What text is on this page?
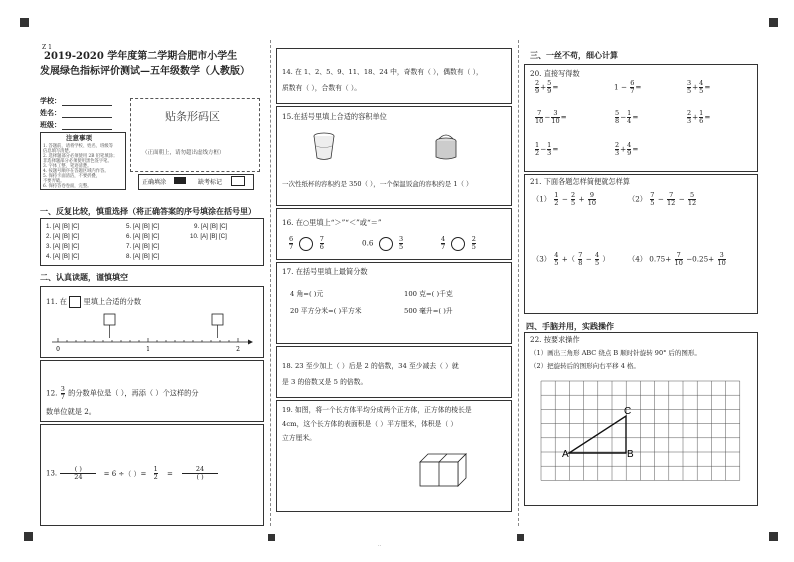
Z 1
2019-2020 学年度第二学期合肥市小学生
发展绿色指标评价测试—五年级数学（人教版）
学校：
姓名：
班级：
贴条形码区
（正面朝上，请勿超出虚线方框）
注意事项
1. 答题前，请将学校、姓名、班级等
信息填写清楚。
2. 选择题部分必须使用 2B 铅笔填涂；
非选择题部分必须使用黑色签字笔。
3. 字体工整，笔迹清楚。
4. 按题号顺序在答题区域内作答。
5. 保持卡面清洁，不要折叠，
不要弄破。
6. 保持答卷卷面，完整。
正确填涂	缺考标记
一、反复比较，慎重选择（将正确答案的序号填涂在括号里）
1. [A] [B] [C]	5. [A] [B] [C]	9. [A] [B] [C]
2. [A] [B] [C]	6. [A] [B] [C]	10. [A] [B] [C]
3. [A] [B] [C]	7. [A] [B] [C]
4. [A] [B] [C]	8. [A] [B] [C]
二、认真读题，谨慎填空
11. 在 里填上合适的分数
0	1	2
12. $\frac{3}{7}$ 的分数单位是（ ），再添（ ）个这样的分
数单位就是 2。
13. $\frac{( )}{24} = 6$ ÷（ ）= $\frac{1}{2} = \frac{24}{( )}$
14. 在 1、2、5、9、11、18、24 中，奇数有（ ），偶数有（ ），
质数有（ ），合数有（ ）。
15.在括号里填上合适的容积单位
一次性纸杯的容积约是 350（ ），一个保温饭盒的容积约是 1（ ）
16. 在○里填上“＞”“＜”或“＝”
$\frac{6}{7}$
	$\frac{7}{6}$	0.6	$\frac{3}{5}$	$\frac{4}{7}$
	$\frac{2}{5}$
17. 在括号里填上最简分数
4 角=( )元	100 克=( )千克
20 平方分米=( )平方米	500 毫升=( )升
18. 23 至少加上（ ）后是 2 的倍数，34 至少减去（ ）就
是 3 的倍数又是 5 的倍数。
19. 如图，将一个长方体平均分成两个正方体，正方体的棱长是
4cm，这个长方体的表面积是（ ）平方厘米，体积是（ ）
立方厘米。
三、一丝不苟，细心计算
20. 直接写得数
$\frac{2}{9} + \frac{5}{9}$ =	$1 - \frac{6}{7}$ =	$\frac{3}{5} + \frac{4}{5}$ =
$\frac{7}{10} - \frac{3}{10}$ =	$\frac{5}{8} - \frac{1}{4}$ =	$\frac{2}{3} + \frac{1}{6}$ =
$\frac{1}{2} - \frac{1}{3}$ =	$\frac{2}{3} + \frac{4}{9}$ =
21. 下面各题怎样简便就怎样算
$(1) \frac{1}{2} - \frac{2}{5} + \frac{9}{10}$	$(2) \frac{7}{5} - \frac{7}{12} - \frac{5}{12}$
$(3) \frac{4}{5}$ +（ $\frac{7}{8} - \frac{4}{5}$ ）	（4） $0.75+ \frac{7}{10} -0.25+ \frac{3}{10}$
四、手脑并用，实践操作
22. 按要求操作
（1）画出三角形 ABC 绕点 B 顺时针旋转 90° 后的图形。
（2）把旋转后的图形向右平移 4 格。
A	B
C
··
